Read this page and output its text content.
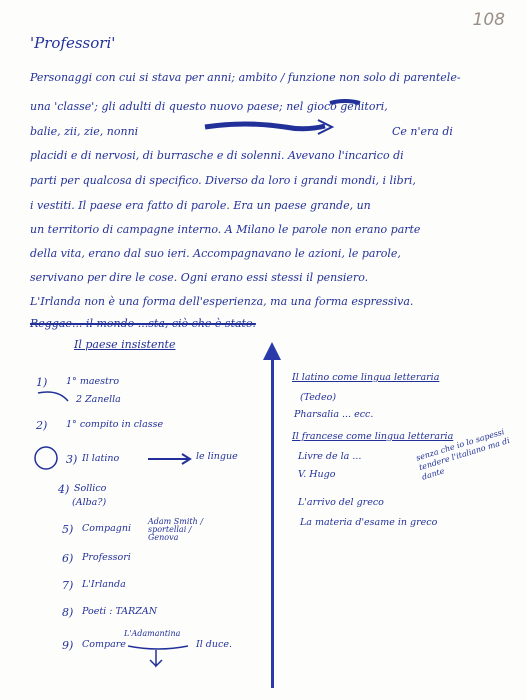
108
'Professori'
Personaggi con cui si stava per anni; ambito / funzione non solo di parentele-
una 'classe'; gli adulti di questo nuovo paese; nel gioco genitori,
balie, zii, zie, nonni	Ce n'era di
placidi e di nervosi, di burrasche e di solenni. Avevano l'incarico di
parti per qualcosa di specifico. Diverso da loro i grandi mondi, i libri,
i vestiti. Il paese era fatto di parole. Era un paese grande, un
un territorio di campagne interno. A Milano le parole non erano parte
della vita, erano dal suo ieri. Accompagnavano le azioni, le parole,
servivano per dire le cose. Ogni erano essi stessi il pensiero.
L'Irlanda non è una forma dell'esperienza, ma una forma espressiva.
Reggae... il mondo ...sta, ciò che è stato.
Il paese insistente
1) 1° maestro
2 Zanella
2) 1° compito in classe
3) Il latino	le lingue
4) Sollico
(Alba?)
5) Compagni
Adam Smith / sportellai / Genova
6) Professori
7) L'Irlanda
8) Poeti : TARZAN
L'Adamantina
9) Compare	Il duce.
Il latino come lingua letteraria
(Tedeo)
Pharsalia ... ecc.
Il francese come lingua letteraria
Livre de la ...
V. Hugo
L'arrivo del greco
La materia d'esame in greco
senza che io lo sapessi tendere l'italiano ma di dante
